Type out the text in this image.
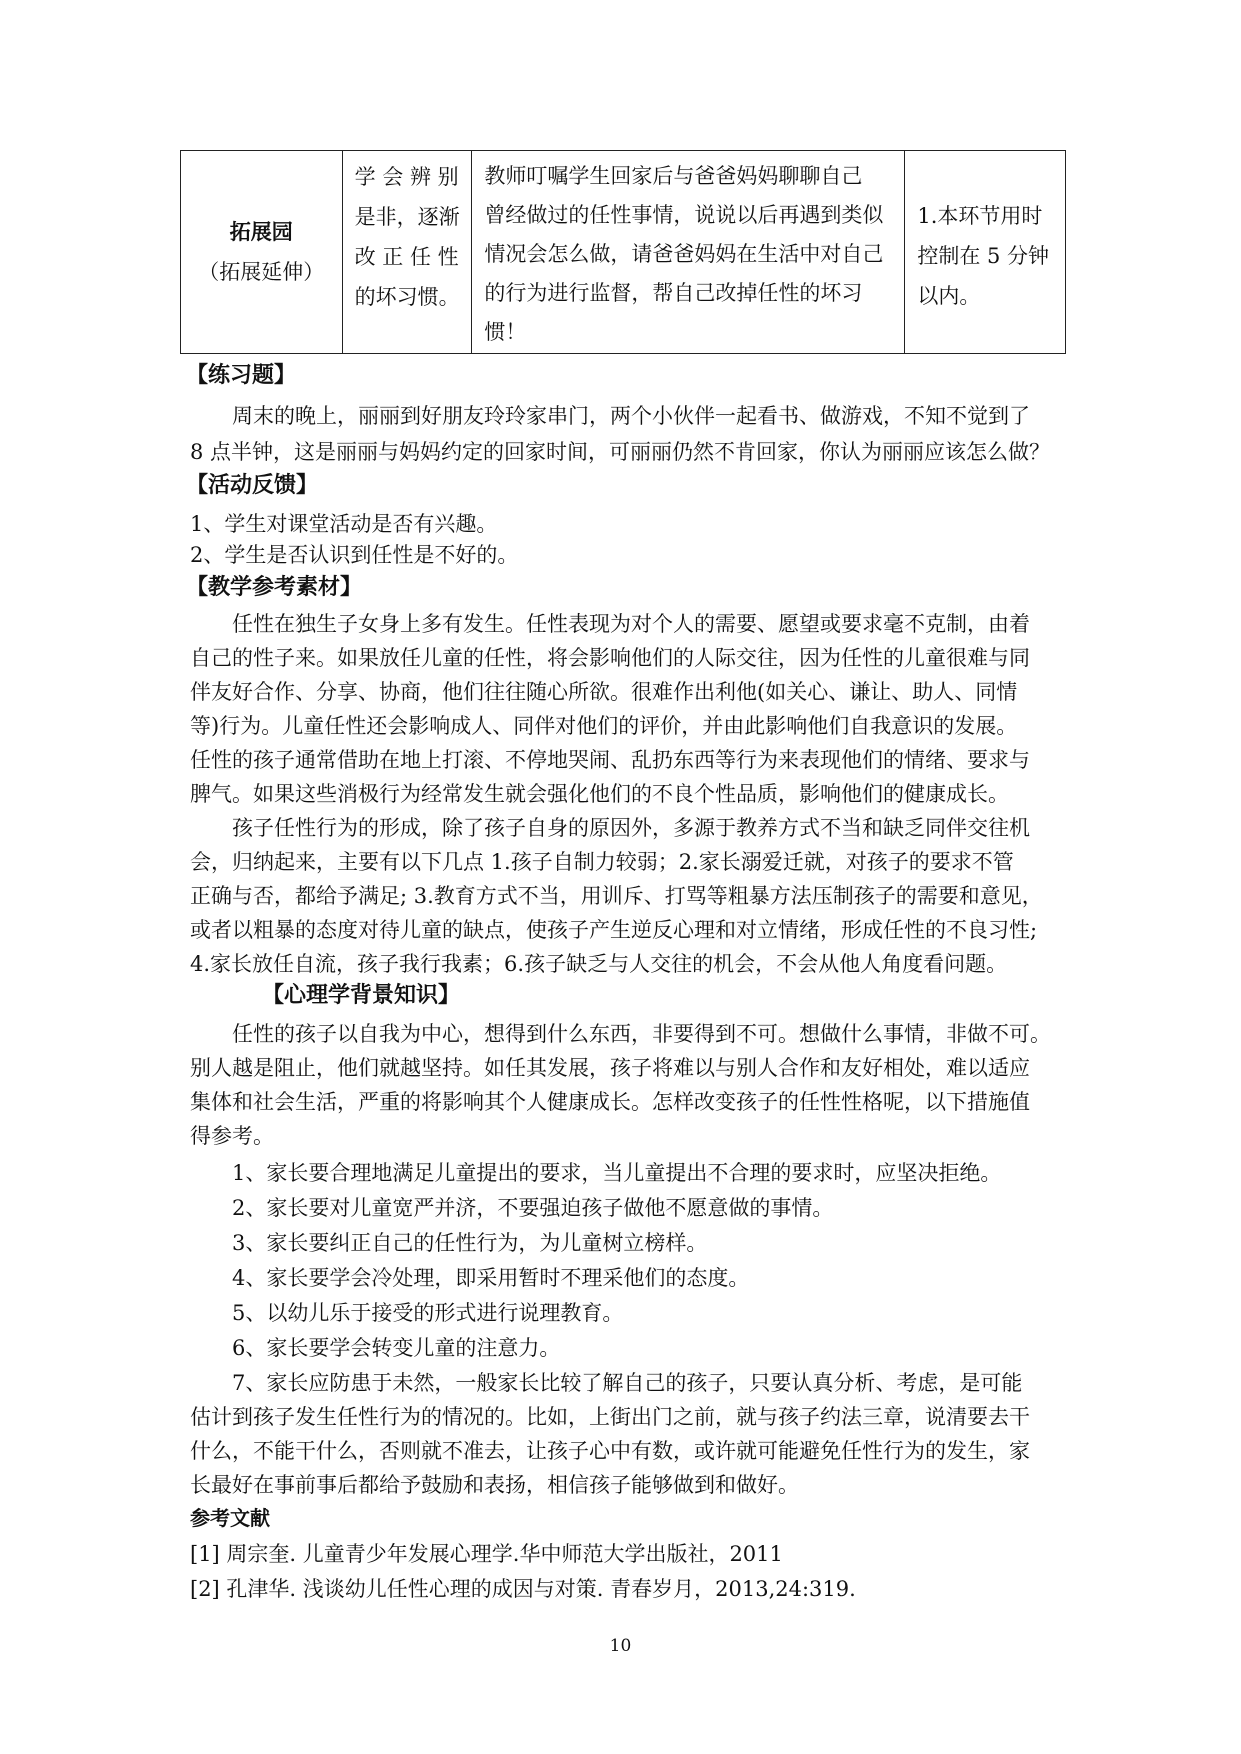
拓展园
（拓展延伸）
学 会 辨 别
是非，逐渐
改 正 任 性
的坏习惯。
教师叮嘱学生回家后与爸爸妈妈聊聊自己
曾经做过的任性事情，说说以后再遇到类似
情况会怎么做，请爸爸妈妈在生活中对自己
的行为进行监督，帮自己改掉任性的坏习
惯！
1.本环节用时
控制在 5 分钟
以内。
【练习题】
周末的晚上，丽丽到好朋友玲玲家串门，两个小伙伴一起看书、做游戏，不知不觉到了
8 点半钟，这是丽丽与妈妈约定的回家时间，可丽丽仍然不肯回家，你认为丽丽应该怎么做？
【活动反馈】
1、学生对课堂活动是否有兴趣。
2、学生是否认识到任性是不好的。
【教学参考素材】
任性在独生子女身上多有发生。任性表现为对个人的需要、愿望或要求毫不克制，由着
自己的性子来。如果放任儿童的任性，将会影响他们的人际交往，因为任性的儿童很难与同
伴友好合作、分享、协商，他们往往随心所欲。很难作出利他(如关心、谦让、助人、同情
等)行为。儿童任性还会影响成人、同伴对他们的评价，并由此影响他们自我意识的发展。
任性的孩子通常借助在地上打滚、不停地哭闹、乱扔东西等行为来表现他们的情绪、要求与
脾气。如果这些消极行为经常发生就会强化他们的不良个性品质，影响他们的健康成长。
孩子任性行为的形成，除了孩子自身的原因外，多源于教养方式不当和缺乏同伴交往机
会，归纳起来，主要有以下几点 1.孩子自制力较弱；2.家长溺爱迁就，对孩子的要求不管
正确与否，都给予满足; 3.教育方式不当，用训斥、打骂等粗暴方法压制孩子的需要和意见，
或者以粗暴的态度对待儿童的缺点，使孩子产生逆反心理和对立情绪，形成任性的不良习性;
4.家长放任自流，孩子我行我素；6.孩子缺乏与人交往的机会，不会从他人角度看问题。
【心理学背景知识】
任性的孩子以自我为中心，想得到什么东西，非要得到不可。想做什么事情，非做不可。
别人越是阻止，他们就越坚持。如任其发展，孩子将难以与别人合作和友好相处，难以适应
集体和社会生活，严重的将影响其个人健康成长。怎样改变孩子的任性性格呢，以下措施值
得参考。
1、家长要合理地满足儿童提出的要求，当儿童提出不合理的要求时，应坚决拒绝。
2、家长要对儿童宽严并济，不要强迫孩子做他不愿意做的事情。
3、家长要纠正自己的任性行为，为儿童树立榜样。
4、家长要学会冷处理，即采用暂时不理采他们的态度。
5、以幼儿乐于接受的形式进行说理教育。
6、家长要学会转变儿童的注意力。
7、家长应防患于未然，一般家长比较了解自己的孩子，只要认真分析、考虑，是可能
估计到孩子发生任性行为的情况的。比如，上街出门之前，就与孩子约法三章，说清要去干
什么，不能干什么，否则就不准去，让孩子心中有数，或许就可能避免任性行为的发生，家
长最好在事前事后都给予鼓励和表扬，相信孩子能够做到和做好。
参考文献
[1] 周宗奎. 儿童青少年发展心理学.华中师范大学出版社，2011
[2] 孔津华. 浅谈幼儿任性心理的成因与对策. 青春岁月，2013,24:319.
10
